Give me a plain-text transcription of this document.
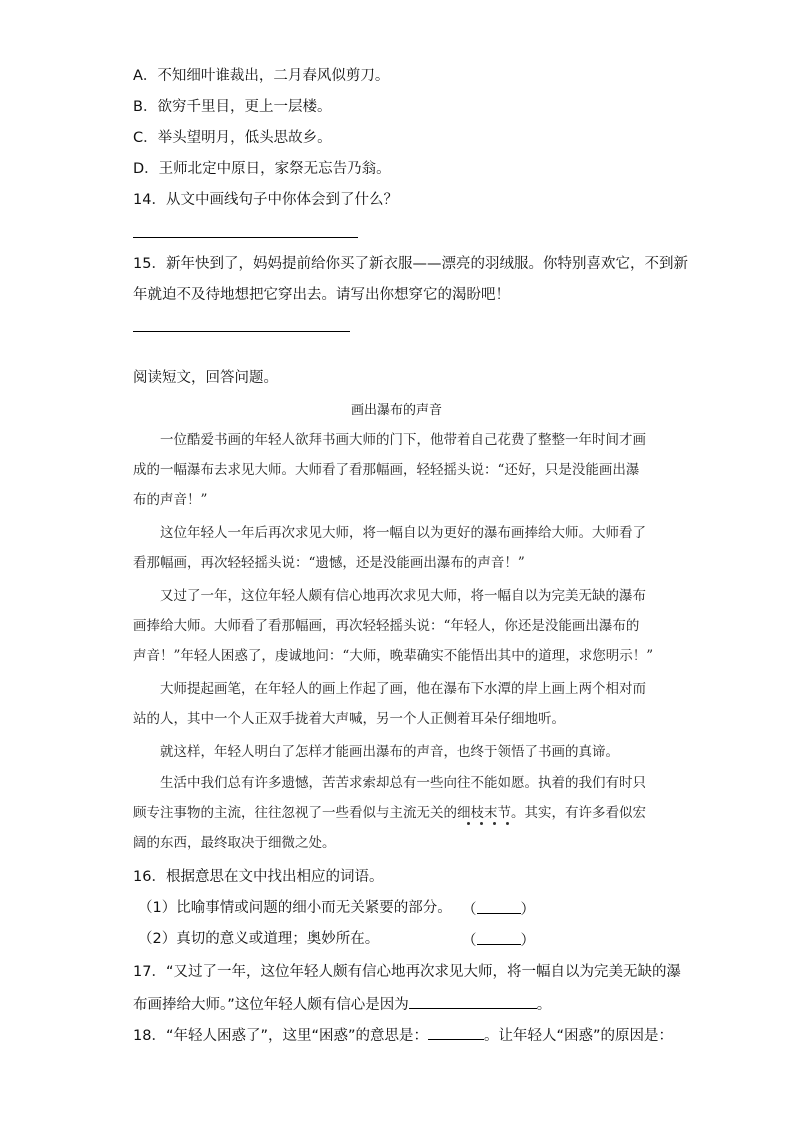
A．不知细叶谁裁出，二月春风似剪刀。
B．欲穷千里目，更上一层楼。
C．举头望明月，低头思故乡。
D．王师北定中原日，家祭无忘告乃翁。
14．从文中画线句子中你体会到了什么？
15．新年快到了，妈妈提前给你买了新衣服——漂亮的羽绒服。你特别喜欢它，不到新
年就迫不及待地想把它穿出去。请写出你想穿它的渴盼吧！
阅读短文，回答问题。
画出瀑布的声音
　　一位酷爱书画的年轻人欲拜书画大师的门下，他带着自己花费了整整一年时间才画
成的一幅瀑布去求见大师。大师看了看那幅画，轻轻摇头说：“还好，只是没能画出瀑
布的声音！”
　　这位年轻人一年后再次求见大师，将一幅自以为更好的瀑布画捧给大师。大师看了
看那幅画，再次轻轻摇头说：“遗憾，还是没能画出瀑布的声音！”
　　又过了一年，这位年轻人颇有信心地再次求见大师，将一幅自以为完美无缺的瀑布
画捧给大师。大师看了看那幅画，再次轻轻摇头说：“年轻人，你还是没能画出瀑布的
声音！”年轻人困惑了，虔诚地问：“大师，晚辈确实不能悟出其中的道理，求您明示！”
　　大师提起画笔，在年轻人的画上作起了画，他在瀑布下水潭的岸上画上两个相对而
站的人，其中一个人正双手拢着大声喊，另一个人正侧着耳朵仔细地听。
　　就这样，年轻人明白了怎样才能画出瀑布的声音，也终于领悟了书画的真谛。
　　生活中我们总有许多遗憾，苦苦求索却总有一些向往不能如愿。执着的我们有时只
顾专注事物的主流，往往忽视了一些看似与主流无关的细枝末节。其实，有许多看似宏
阔的东西，最终取决于细微之处。
16．根据意思在文中找出相应的词语。
（1）比喻事情或问题的细小而无关紧要的部分。 （	）
（2）真切的意义或道理；奥妙所在。	（	）
17．“又过了一年，这位年轻人颇有信心地再次求见大师，将一幅自以为完美无缺的瀑
布画捧给大师。”这位年轻人颇有信心是因为	。
18．“年轻人困惑了”，这里“困惑”的意思是：	。让年轻人“困惑”的原因是：
